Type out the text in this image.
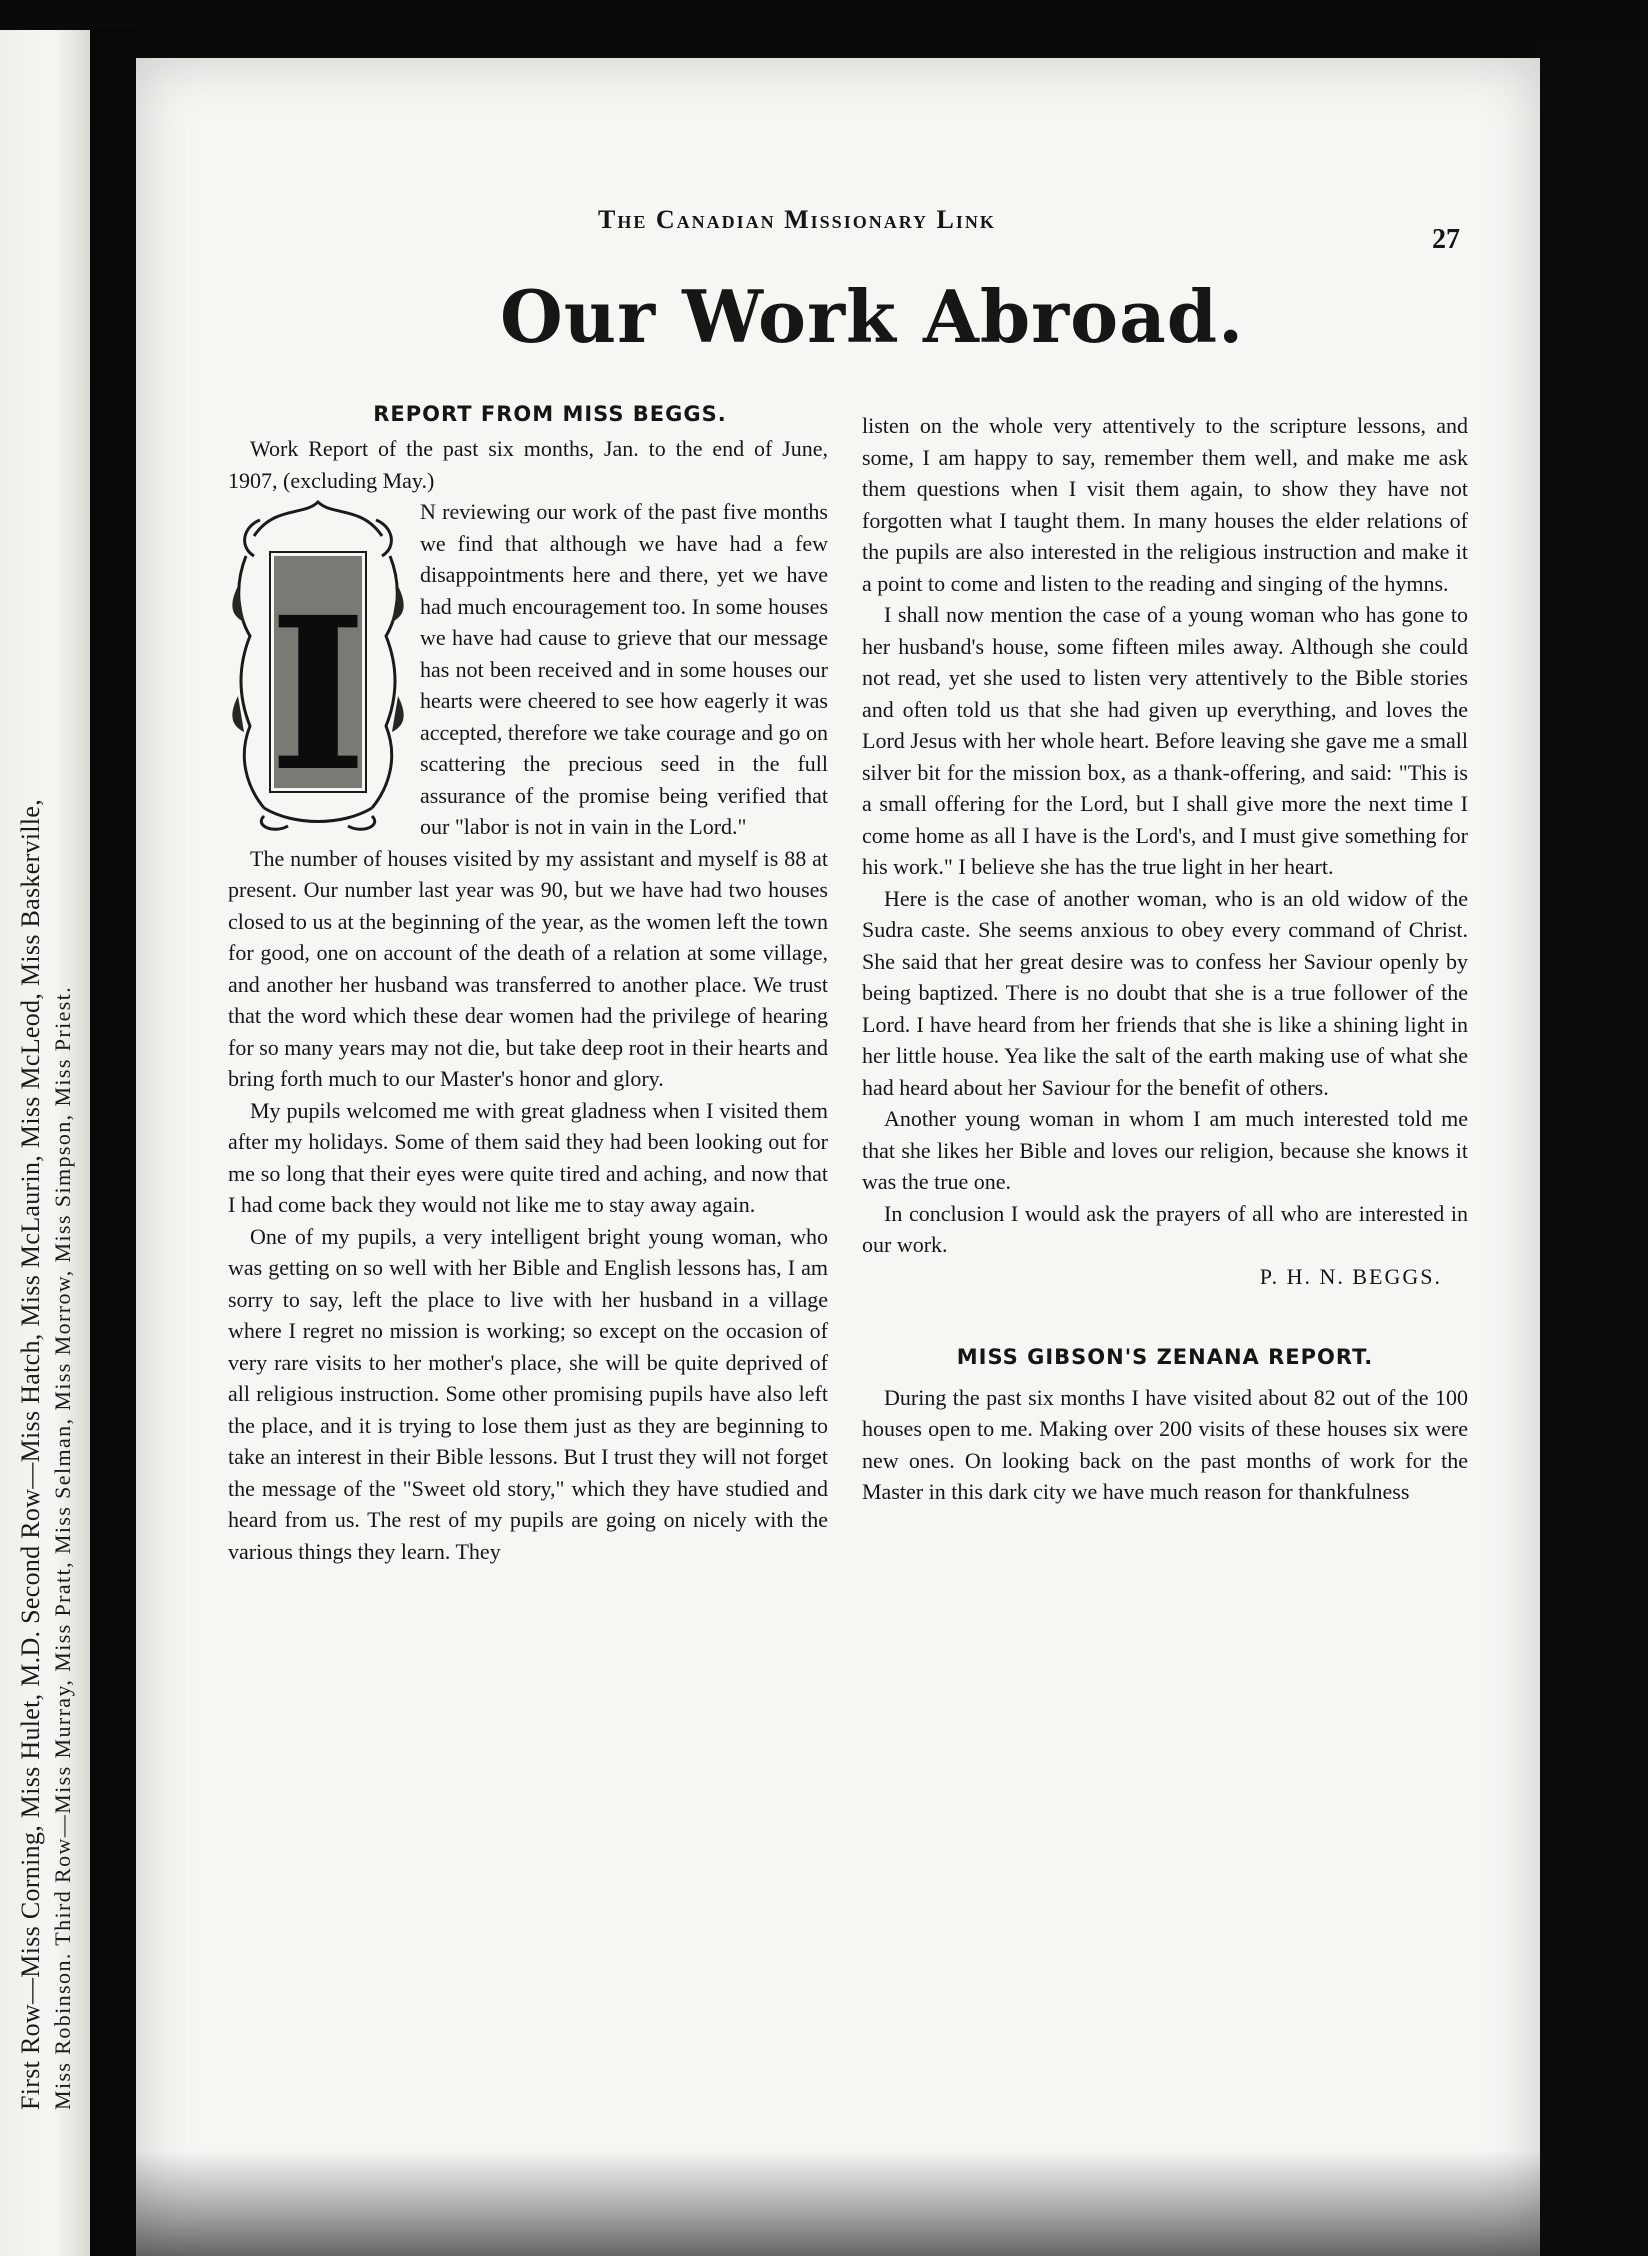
First Row—Miss Corning, Miss Hulet, M.D. Second Row—Miss Hatch, Miss McLaurin, Miss McLeod, Miss Baskerville, Miss Robinson. Third Row—Miss Murray, Miss Pratt, Miss Selman, Miss Morrow, Miss Simpson, Miss Priest.
The Canadian Missionary Link
27
Our Work Abroad.
REPORT FROM MISS BEGGS.

Work Report of the past six months, Jan. to the end of June, 1907, (excluding May.)

I

N reviewing our work of the past five months we find that although we have had a few disappointments here and there, yet we have had much encouragement too. In some houses we have had cause to grieve that our message has not been received and in some houses our hearts were cheered to see how eagerly it was accepted, therefore we take courage and go on scattering the precious seed in the full assurance of the promise being verified that our "labor is not in vain in the Lord."

The number of houses visited by my assistant and myself is 88 at present. Our number last year was 90, but we have had two houses closed to us at the beginning of the year, as the women left the town for good, one on account of the death of a relation at some village, and another her husband was transferred to another place. We trust that the word which these dear women had the privilege of hearing for so many years may not die, but take deep root in their hearts and bring forth much to our Master's honor and glory.

My pupils welcomed me with great gladness when I visited them after my holidays. Some of them said they had been looking out for me so long that their eyes were quite tired and aching, and now that I had come back they would not like me to stay away again.

One of my pupils, a very intelligent bright young woman, who was getting on so well with her Bible and English lessons has, I am sorry to say, left the place to live with her husband in a village where I regret no mission is working; so except on the occasion of very rare visits to her mother's place, she will be quite deprived of all religious instruction. Some other promising pupils have also left the place, and it is trying to lose them just as they are beginning to take an interest in their Bible lessons. But I trust they will not forget the message of the "Sweet old story," which they have studied and heard from us. The rest of my pupils are going on nicely with the various things they learn. They

listen on the whole very attentively to the scripture lessons, and some, I am happy to say, remember them well, and make me ask them questions when I visit them again, to show they have not forgotten what I taught them. In many houses the elder relations of the pupils are also interested in the religious instruction and make it a point to come and listen to the reading and singing of the hymns.

I shall now mention the case of a young woman who has gone to her husband's house, some fifteen miles away. Although she could not read, yet she used to listen very attentively to the Bible stories and often told us that she had given up everything, and loves the Lord Jesus with her whole heart. Before leaving she gave me a small silver bit for the mission box, as a thank-offering, and said: "This is a small offering for the Lord, but I shall give more the next time I come home as all I have is the Lord's, and I must give something for his work." I believe she has the true light in her heart.

Here is the case of another woman, who is an old widow of the Sudra caste. She seems anxious to obey every command of Christ. She said that her great desire was to confess her Saviour openly by being baptized. There is no doubt that she is a true follower of the Lord. I have heard from her friends that she is like a shining light in her little house. Yea like the salt of the earth making use of what she had heard about her Saviour for the benefit of others.

Another young woman in whom I am much interested told me that she likes her Bible and loves our religion, because she knows it was the true one.

In conclusion I would ask the prayers of all who are interested in our work.

P. H. N. BEGGS.
MISS GIBSON'S ZENANA REPORT.

During the past six months I have visited about 82 out of the 100 houses open to me. Making over 200 visits of these houses six were new ones. On looking back on the past months of work for the Master in this dark city we have much reason for thankfulness
